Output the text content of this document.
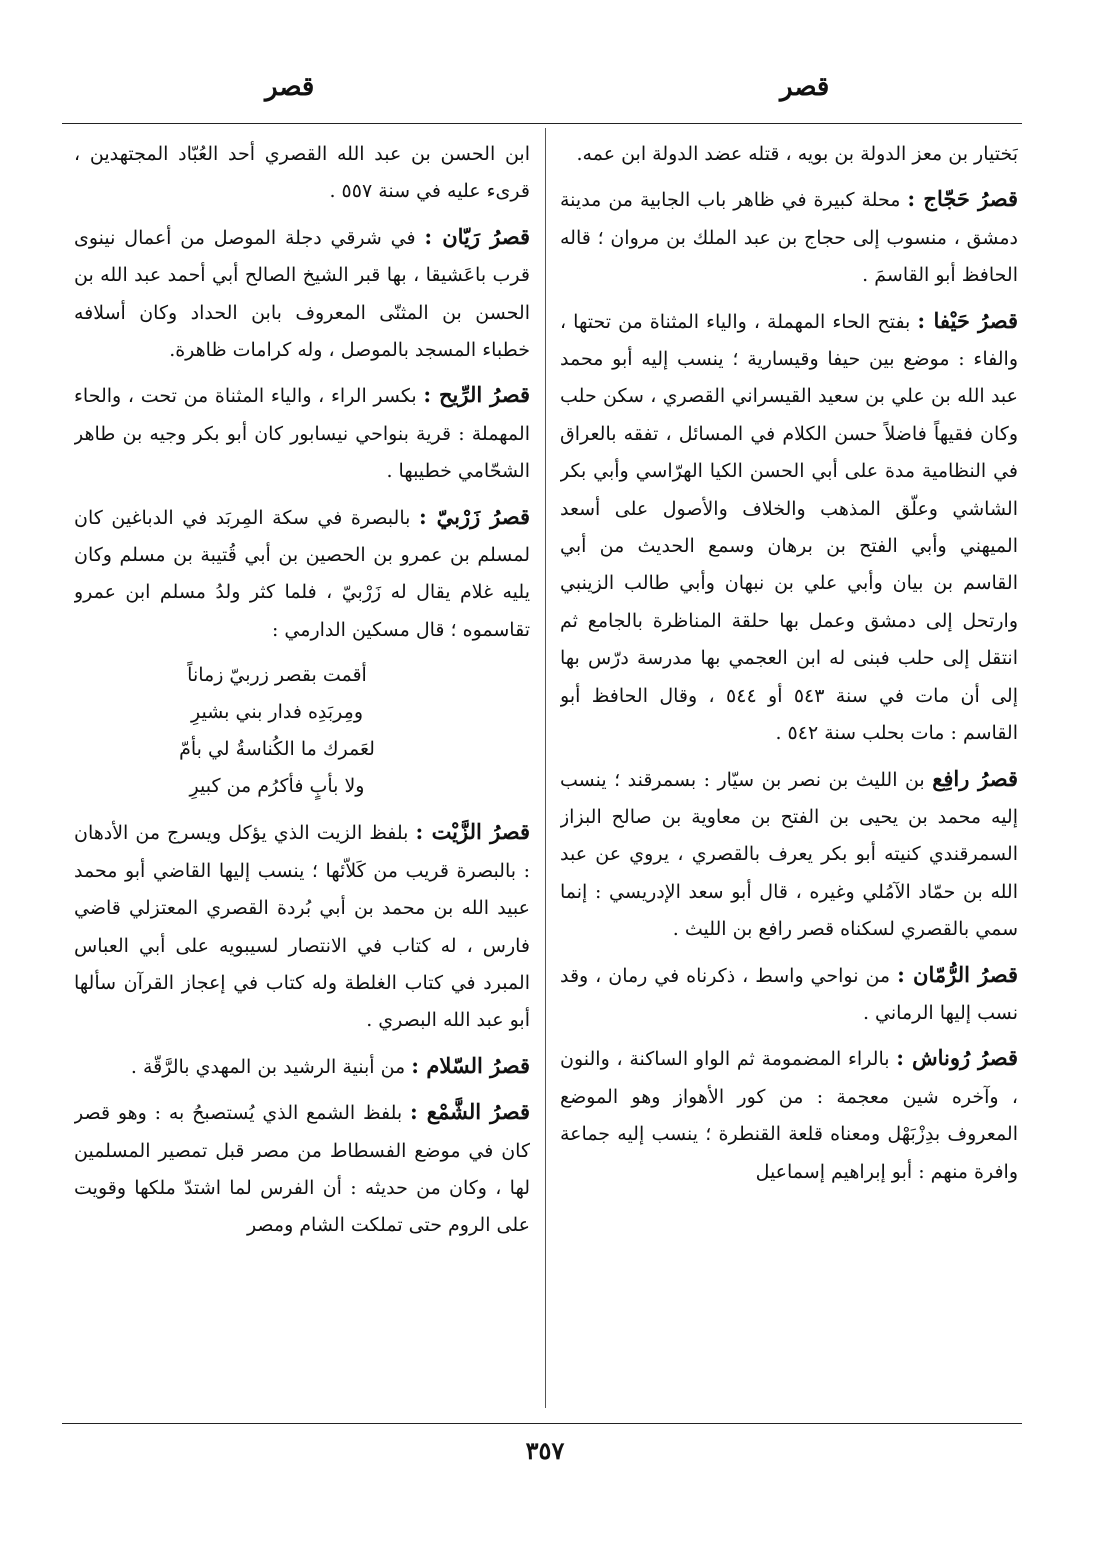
قصر
قصر

بَختيار بن معز الدولة بن بويه ، قتله عضد الدولة ابن عمه.

قصرُ حَجّاج : محلة كبيرة في ظاهر باب الجابية من مدينة دمشق ، منسوب إلى حجاج بن عبد الملك بن مروان ؛ قاله الحافظ أبو القاسمَ .

قصرُ حَيْفا : بفتح الحاء المهملة ، والياء المثناة من تحتها ، والفاء : موضع بين حيفا وقيسارية ؛ ينسب إليه أبو محمد عبد الله بن علي بن سعيد القيسراني القصري ، سكن حلب وكان فقيهاً فاضلاً حسن الكلام في المسائل ، تفقه بالعراق في النظامية مدة على أبي الحسن الكيا الهرّاسي وأبي بكر الشاشي وعلّق المذهب والخلاف والأصول على أسعد الميهني وأبي الفتح بن برهان وسمع الحديث من أبي القاسم بن بيان وأبي علي بن نبهان وأبي طالب الزينبي وارتحل إلى دمشق وعمل بها حلقة المناظرة بالجامع ثم انتقل إلى حلب فبنى له ابن العجمي بها مدرسة درّس بها إلى أن مات في سنة ٥٤٣ أو ٥٤٤ ، وقال الحافظ أبو القاسم : مات بحلب سنة ٥٤٢ .

قصرُ رافِع بن الليث بن نصر بن سيّار : بسمرقند ؛ ينسب إليه محمد بن يحيى بن الفتح بن معاوية بن صالح البزاز السمرقندي كنيته أبو بكر يعرف بالقصري ، يروي عن عبد الله بن حمّاد الآمُلي وغيره ، قال أبو سعد الإدريسي : إنما سمي بالقصري لسكناه قصر رافع بن الليث .

قصرُ الرُّمّان : من نواحي واسط ، ذكرناه في رمان ، وقد نسب إليها الرماني .

قصرُ رُوناش : بالراء المضمومة ثم الواو الساكنة ، والنون ، وآخره شين معجمة : من كور الأهواز وهو الموضع المعروف بدِزْبَهْل ومعناه قلعة القنطرة ؛ ينسب إليه جماعة وافرة منهم : أبو إبراهيم إسماعيل

ابن الحسن بن عبد الله القصري أحد العُبّاد المجتهدين ، قرىء عليه في سنة ٥٥٧ .

قصرُ رَيّان : في شرقي دجلة الموصل من أعمال نينوى قرب باعَشيقا ، بها قبر الشيخ الصالح أبي أحمد عبد الله بن الحسن بن المثنّى المعروف بابن الحداد وكان أسلافه خطباء المسجد بالموصل ، وله كرامات ظاهرة.

قصرُ الرِّيح : بكسر الراء ، والياء المثناة من تحت ، والحاء المهملة : قرية بنواحي نيسابور كان أبو بكر وجيه بن طاهر الشحّامي خطيبها .

قصرُ زَرْبيّ : بالبصرة في سكة المِربَد في الدباغين كان لمسلم بن عمرو بن الحصين بن أبي قُتيبة بن مسلم وكان يليه غلام يقال له زَرْبيّ ، فلما كثر ولدُ مسلم ابن عمرو تقاسموه ؛ قال مسكين الدارمي :

أقمت بقصر زربيّ زماناً
ومِربَدِه فدار بني بشيرِ
لعَمرك ما الكُناسةُ لي بأمّ
ولا بأبٍ فأكرُم من كبيرِ

قصرُ الزَّيْت : بلفظ الزيت الذي يؤكل ويسرج من الأدهان : بالبصرة قريب من كَلاّئها ؛ ينسب إليها القاضي أبو محمد عبيد الله بن محمد بن أبي بُردة القصري المعتزلي قاضي فارس ، له كتاب في الانتصار لسيبويه على أبي العباس المبرد في كتاب الغلطة وله كتاب في إعجاز القرآن سألها أبو عبد الله البصري .

قصرُ السّلام : من أبنية الرشيد بن المهدي بالرَّقّة .

قصرُ الشَّمْع : بلفظ الشمع الذي يُستصبحُ به : وهو قصر كان في موضع الفسطاط من مصر قبل تمصير المسلمين لها ، وكان من حديثه : أن الفرس لما اشتدّ ملكها وقويت على الروم حتى تملكت الشام ومصر

٣٥٧
